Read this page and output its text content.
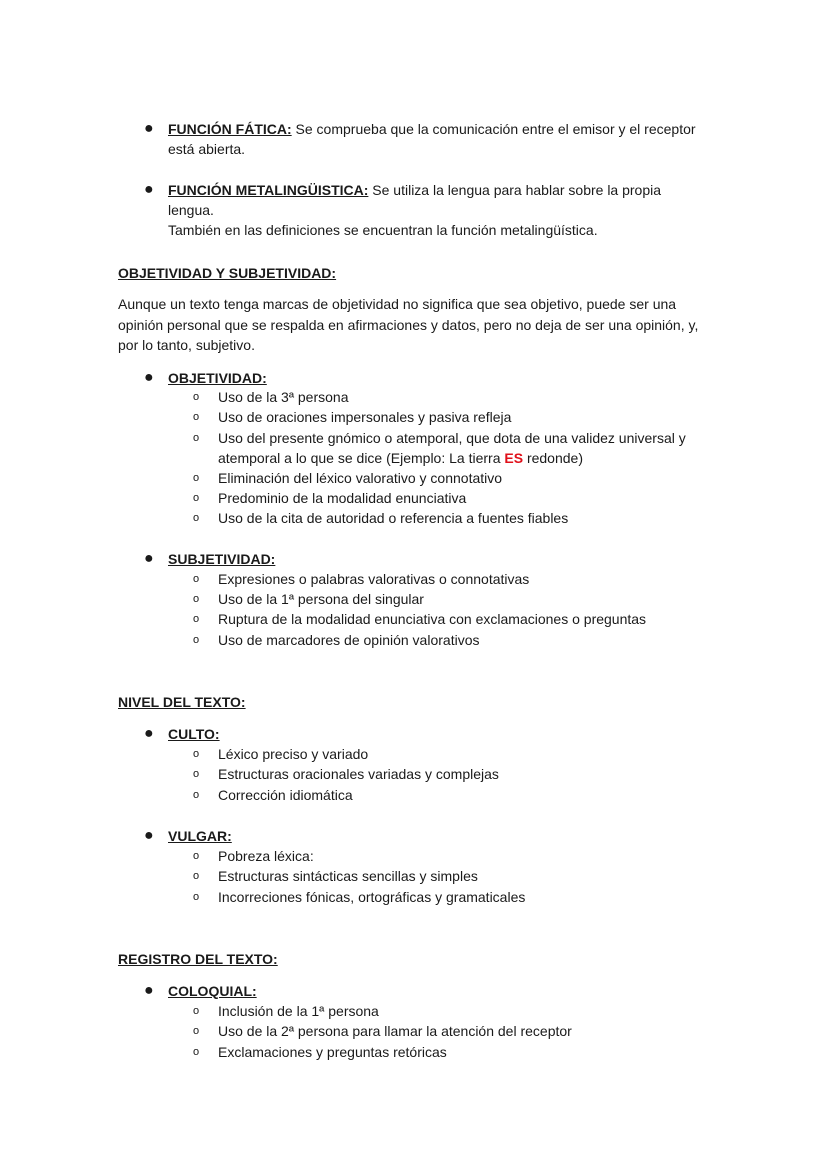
● FUNCIÓN FÁTICA: Se comprueba que la comunicación entre el emisor y el receptor
está abierta.
● FUNCIÓN METALINGÜISTICA: Se utiliza la lengua para hablar sobre la propia lengua.
También en las definiciones se encuentran la función metalingüística.
OBJETIVIDAD Y SUBJETIVIDAD:
Aunque un texto tenga marcas de objetividad no significa que sea objetivo, puede ser una
opinión personal que se respalda en afirmaciones y datos, pero no deja de ser una opinión, y,
por lo tanto, subjetivo.
● OBJETIVIDAD:
o Uso de la 3ª persona
o Uso de oraciones impersonales y pasiva refleja
o Uso del presente gnómico o atemporal, que dota de una validez universal y
atemporal a lo que se dice (Ejemplo: La tierra ES redonde)
o Eliminación del léxico valorativo y connotativo
o Predominio de la modalidad enunciativa
o Uso de la cita de autoridad o referencia a fuentes fiables
● SUBJETIVIDAD:
o Expresiones o palabras valorativas o connotativas
o Uso de la 1ª persona del singular
o Ruptura de la modalidad enunciativa con exclamaciones o preguntas
o Uso de marcadores de opinión valorativos
NIVEL DEL TEXTO:
● CULTO:
o Léxico preciso y variado
o Estructuras oracionales variadas y complejas
o Corrección idiomática
● VULGAR:
o Pobreza léxica:
o Estructuras sintácticas sencillas y simples
o Incorreciones fónicas, ortográficas y gramaticales
REGISTRO DEL TEXTO:
● COLOQUIAL:
o Inclusión de la 1ª persona
o Uso de la 2ª persona para llamar la atención del receptor
o Exclamaciones y preguntas retóricas
